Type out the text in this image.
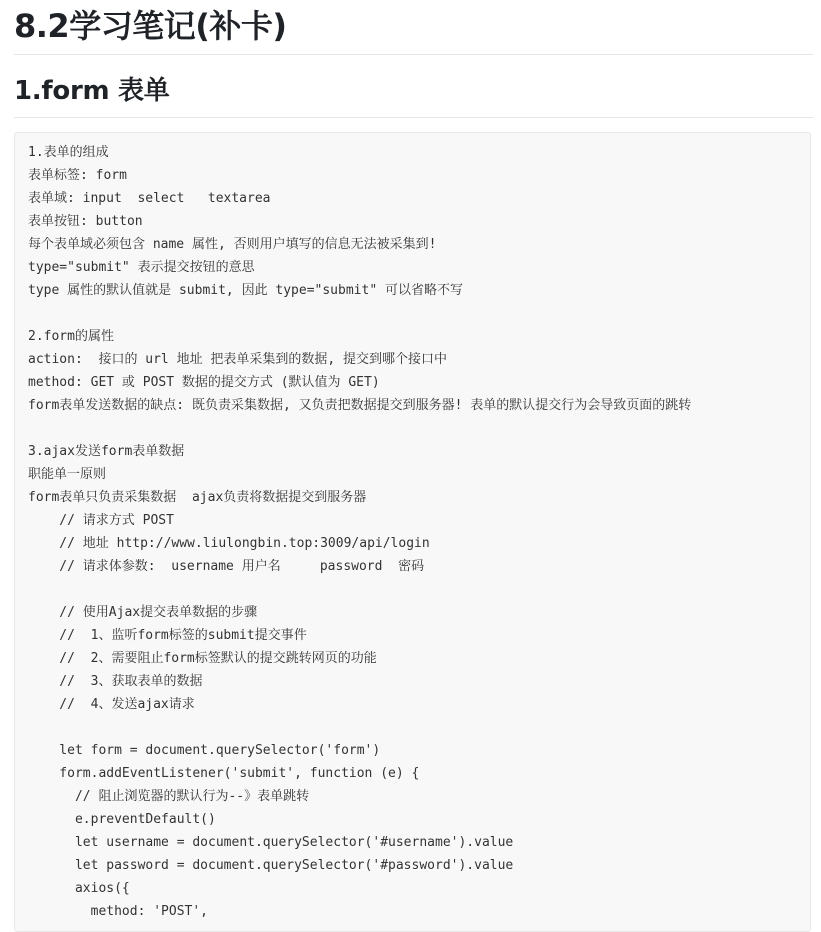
8.2学习笔记(补卡)
1.form 表单
1.表单的组成
表单标签: form
表单域: input  select   textarea
表单按钮: button
每个表单域必须包含 name 属性, 否则用户填写的信息无法被采集到!
type="submit" 表示提交按钮的意思
type 属性的默认值就是 submit, 因此 type="submit" 可以省略不写
2.form的属性
action:  接口的 url 地址 把表单采集到的数据, 提交到哪个接口中
method: GET 或 POST 数据的提交方式 (默认值为 GET)
form表单发送数据的缺点: 既负责采集数据, 又负责把数据提交到服务器! 表单的默认提交行为会导致页面的跳转
3.ajax发送form表单数据
职能单一原则
form表单只负责采集数据  ajax负责将数据提交到服务器
// 请求方式 POST
// 地址 http://www.liulongbin.top:3009/api/login
// 请求体参数:  username 用户名     password  密码
// 使用Ajax提交表单数据的步骤
//  1、监听form标签的submit提交事件
//  2、需要阻止form标签默认的提交跳转网页的功能
//  3、获取表单的数据
//  4、发送ajax请求
let form = document.querySelector('form')
form.addEventListener('submit', function (e) {
// 阻止浏览器的默认行为--》表单跳转
e.preventDefault()
let username = document.querySelector('#username').value
let password = document.querySelector('#password').value
axios({
method: 'POST',
